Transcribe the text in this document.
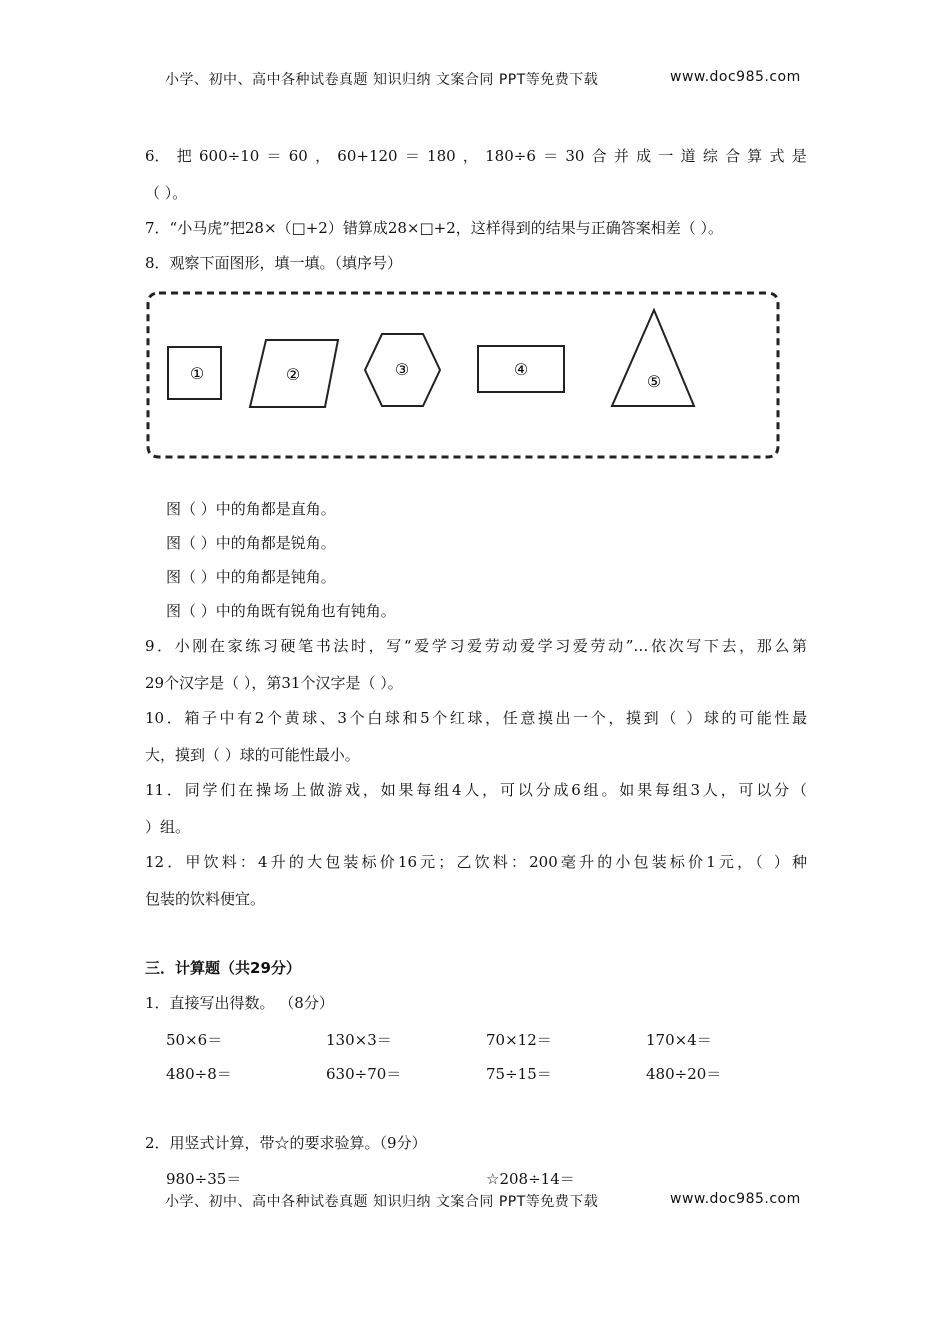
小学、初中、高中各种试卷真题 知识归纳 文案合同 PPT等免费下载	www.doc985.com
6． 把 600÷10 ＝ 60 ， 60+120 ＝ 180 ， 180÷6 ＝ 30 合 并 成 一 道 综 合 算 式 是
（ ）。
7．“小马虎”把28×（□+2）错算成28×□+2，这样得到的结果与正确答案相差（ ）。
8．观察下面图形，填一填。（填序号）
①	②	③	④
⑤
图（ ）中的角都是直角。
图（ ）中的角都是锐角。
图（ ）中的角都是钝角。
图（ ）中的角既有锐角也有钝角。
9．小刚在家练习硬笔书法时，写“爱学习爱劳动爱学习爱劳动”…依次写下去，那么第
29个汉字是（ ），第31个汉字是（ ）。
10．箱子中有2个黄球、3个白球和5个红球，任意摸出一个，摸到（ ）球的可能性最
大，摸到（ ）球的可能性最小。
11．同学们在操场上做游戏，如果每组4人，可以分成6组。如果每组3人，可以分（
）组。
12．甲饮料：4升的大包装标价16元；乙饮料：200毫升的小包装标价1元，（ ）种
包装的饮料便宜。
三．计算题（共29分）
1．直接写出得数。 （8分）
50×6＝	130×3＝	70×12＝	170×4＝
480÷8＝	630÷70＝	75÷15＝	480÷20＝
2．用竖式计算，带☆的要求验算。（9分）
980÷35＝	☆208÷14＝
小学、初中、高中各种试卷真题 知识归纳 文案合同 PPT等免费下载	www.doc985.com
